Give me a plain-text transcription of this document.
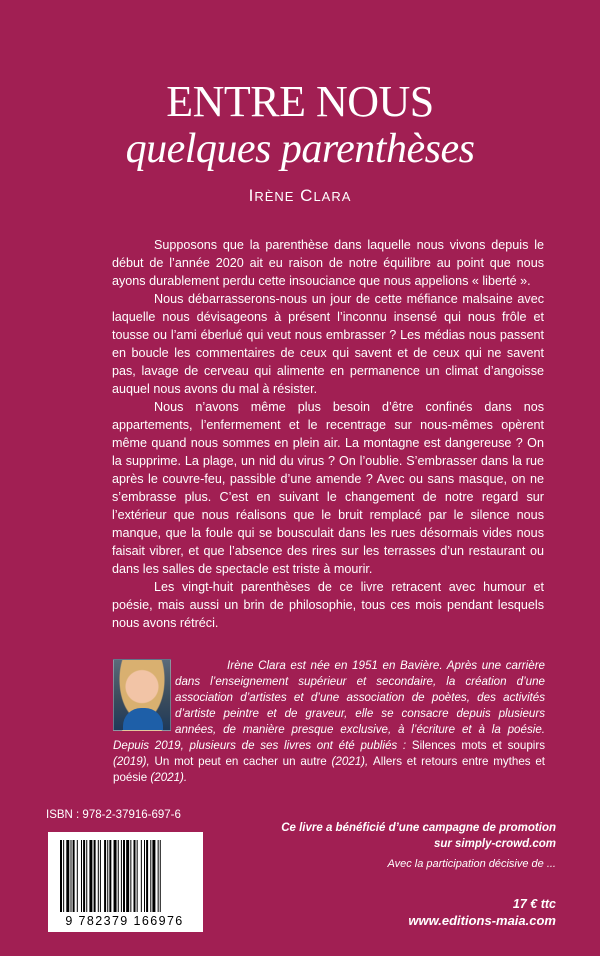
ENTRE NOUS
quelques parenthèses
IRÈNE CLARA

Supposons que la parenthèse dans laquelle nous vivons depuis le début de l’année 2020 ait eu raison de notre équilibre au point que nous ayons durablement perdu cette insouciance que nous appelions « liberté ».

Nous débarrasserons-nous un jour de cette méfiance malsaine avec laquelle nous dévisageons à présent l’inconnu insensé qui nous frôle et tousse ou l’ami éberlué qui veut nous embrasser ? Les médias nous passent en boucle les commentaires de ceux qui savent et de ceux qui ne savent pas, lavage de cerveau qui alimente en permanence un climat d’angoisse auquel nous avons du mal à résister.

Nous n’avons même plus besoin d’être confinés dans nos appartements, l’enfermement et le recentrage sur nous-mêmes opèrent même quand nous sommes en plein air. La montagne est dangereuse ? On la supprime. La plage, un nid du virus ? On l’oublie. S’embrasser dans la rue après le couvre-feu, passible d’une amende ? Avec ou sans masque, on ne s’embrasse plus. C’est en suivant le changement de notre regard sur l’extérieur que nous réalisons que le bruit remplacé par le silence nous manque, que la foule qui se bousculait dans les rues désormais vides nous faisait vibrer, et que l’absence des rires sur les terrasses d’un restaurant ou dans les salles de spectacle est triste à mourir.

Les vingt-huit parenthèses de ce livre retracent avec humour et poésie, mais aussi un brin de philosophie, tous ces mois pendant lesquels nous avons rétréci.

Irène Clara est née en 1951 en Bavière. Après une carrière dans l’enseignement supérieur et secondaire, la création d’une association d’artistes et d’une association de poètes, des activités d’artiste peintre et de graveur, elle se consacre depuis plusieurs années, de manière presque exclusive, à l’écriture et à la poésie. Depuis 2019, plusieurs de ses livres ont été publiés : Silences mots et soupirs (2019), Un mot peut en cacher un autre (2021), Allers et retours entre mythes et poésie (2021).
ISBN : 978-2-37916-697-6
9 782379 166976
Ce livre a bénéficié d’une campagne de promotion
sur simply-crowd.com
Avec la participation décisive de ...
17 € ttc
www.editions-maia.com
